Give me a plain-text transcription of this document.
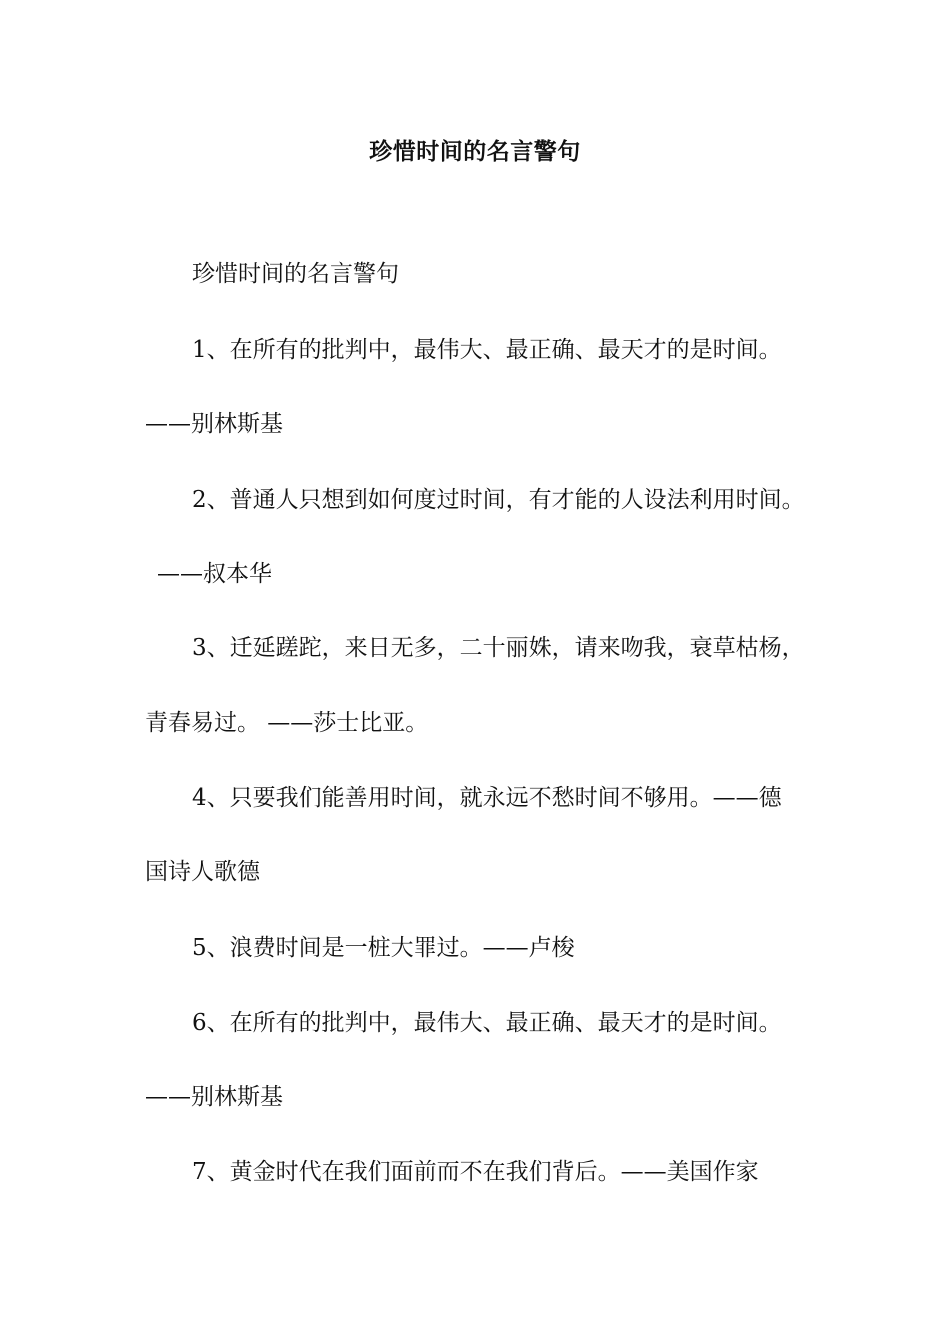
珍惜时间的名言警句
珍惜时间的名言警句
1、在所有的批判中，最伟大、最正确、最天才的是时间。
——别林斯基
2、普通人只想到如何度过时间，有才能的人设法利用时间。
——叔本华
3、迁延蹉跎，来日无多，二十丽姝，请来吻我，衰草枯杨，
青春易过。 ——莎士比亚。
4、只要我们能善用时间，就永远不愁时间不够用。——德
国诗人歌德
5、浪费时间是一桩大罪过。——卢梭
6、在所有的批判中，最伟大、最正确、最天才的是时间。
——别林斯基
7、黄金时代在我们面前而不在我们背后。——美国作家
